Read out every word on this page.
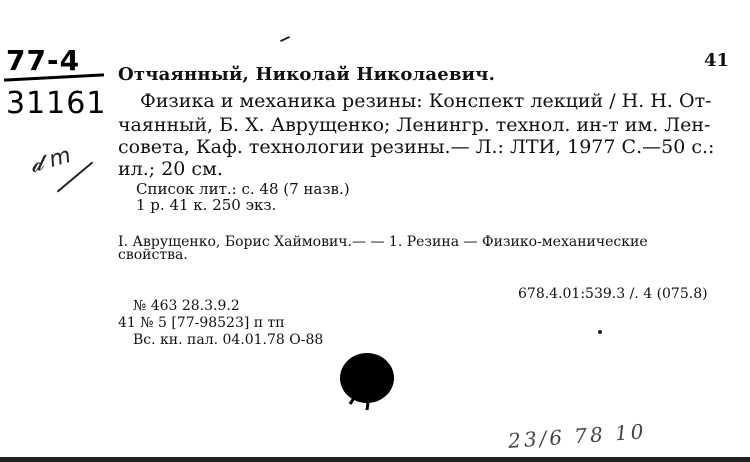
77-4
31161
𝓭 m
41
Отчаянный, Николай Николаевич.
Физика и механика резины: Конспект лекций / Н. Н. От-
чаянный, Б. Х. Аврущенко; Ленингр. технол. ин-т им. Лен-
совета, Каф. технологии резины.— Л.: ЛТИ, 1977 С.—50 с.:
ил.; 20 см.
Список лит.: с. 48 (7 назв.)
1 р. 41 к. 250 экз.
I. Аврущенко, Борис Хаймович.— — 1. Резина — Физико-механические
свойства.
678.4.01:539.3 /. 4 (075.8)
№ 463 28.3.9.2
41 № 5 [77-98523] п тп
Вс. кн. пал. 04.01.78 О-88
23/6 78 10
